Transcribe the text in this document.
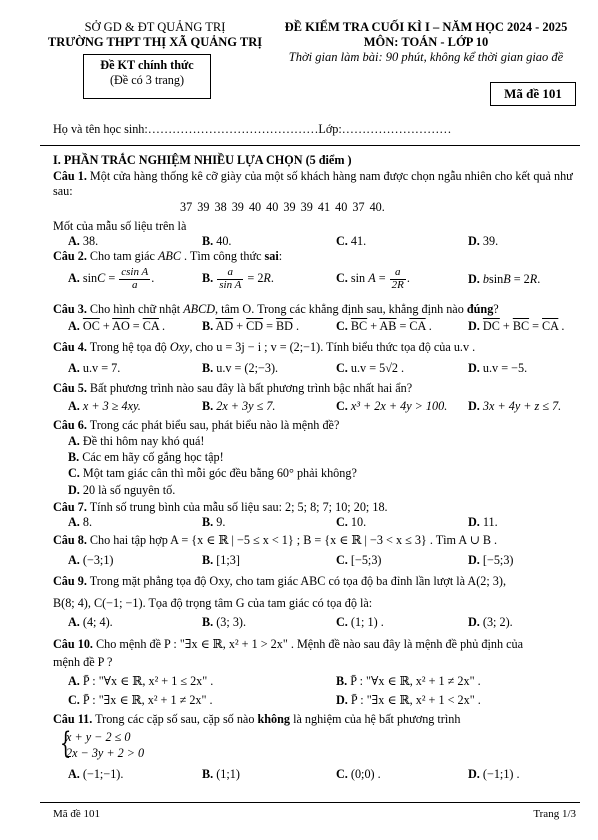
SỞ GD & ĐT QUẢNG TRỊ
TRƯỜNG THPT THỊ XÃ QUẢNG TRỊ
ĐỀ KIỂM TRA CUỐI KÌ I – NĂM HỌC 2024 - 2025
MÔN: TOÁN - LỚP 10
Thời gian làm bài: 90 phút, không kể thời gian giao đề
Đề KT chính thức
(Đề có 3 trang)
Mã đề 101
Họ và tên học sinh:……………………………………Lớp:………………………
I. PHẦN TRẮC NGHIỆM NHIỀU LỰA CHỌN (5 điểm )
Câu 1. Một cửa hàng thống kê cỡ giày của một số khách hàng nam được chọn ngẫu nhiên cho kết quả như sau:
37 39 38 39 40 40 39 39 41 40 37 40.
Mốt của mẫu số liệu trên là
A. 38.	B. 40.	C. 41.	D. 39.
Câu 2. Cho tam giác ABC . Tìm công thức sai:
A. $\sin C = \frac{\text{csin A}}{a}$ .	B. $\frac{a}{\text{sin A}} = 2R$.	C. $\sin A = \frac{a}{2R}$ .	D. bsinB = 2R.
Câu 3. Cho hình chữ nhật ABCD, tâm O. Trong các khẳng định sau, khẳng định nào đúng?
A. $\overline{OC} + \overline{AO} = \overline{CA}$ .	B. $\overline{AD} + \overline{CD} = \overline{BD}$ .	C. $\overline{BC} + \overline{AB} = \overline{CA}$ .	D. $\overline{DC} + \overline{BC} = \overline{CA}$ .
Câu 4. Trong hệ tọa độ Oxy, cho u = 3j − i ; v = (2;−1). Tính biểu thức tọa độ của u.v .
A. u.v = 7.	B. u.v = (2;−3).	C. u.v = 5√2 .	D. u.v = −5.
Câu 5. Bất phương trình nào sau đây là bất phương trình bậc nhất hai ẩn?
A. x + 3 ≥ 4xy.	B. 2x + 3y ≤ 7.	C. x³ + 2x + 4y > 100. D. 3x + 4y + z ≤ 7.
Câu 6. Trong các phát biểu sau, phát biểu nào là mệnh đề?
A. Đề thi hôm nay khó quá!
B. Các em hãy cố gắng học tập!
C. Một tam giác cân thì mỗi góc đều bằng 60° phải không?
D. 20 là số nguyên tố.
Câu 7. Tính số trung bình của mẫu số liệu sau: 2; 5; 8; 7; 10; 20; 18.
A. 8.	B. 9.	C. 10.	D. 11.
Câu 8. Cho hai tập hợp A = {x ∈ ℝ | −5 ≤ x < 1} ; B = {x ∈ ℝ | −3 < x ≤ 3} . Tìm A ∪ B .
A. (−3;1)	B. [1;3]	C. [−5;3)	D. [−5;3)
Câu 9. Trong mặt phẳng tọa độ Oxy, cho tam giác ABC có tọa độ ba đỉnh lần lượt là A(2; 3),
B(8; 4), C(−1; −1). Tọa độ trọng tâm G của tam giác có tọa độ là:
A. (4; 4).	B. (3; 3).	C. (1; 1) .	D. (3; 2).
Câu 10. Cho mệnh đề P : "∃x ∈ ℝ, x² + 1 > 2x" . Mệnh đề nào sau đây là mệnh đề phủ định của
mệnh đề P ?
A. P̄ : "∀x ∈ ℝ, x² + 1 ≤ 2x" .	B. P̄ : "∀x ∈ ℝ, x² + 1 ≠ 2x" .
C. P̄ : "∃x ∈ ℝ, x² + 1 ≠ 2x" .	D. P̄ : "∃x ∈ ℝ, x² + 1 < 2x" .
Câu 11. Trong các cặp số sau, cặp số nào không là nghiệm của hệ bất phương trình
{
x + y − 2 ≤ 0
2x − 3y + 2 > 0
A. (−1;−1).	B. (1;1)	C. (0;0) .	D. (−1;1) .
Mã đề 101	Trang 1/3
